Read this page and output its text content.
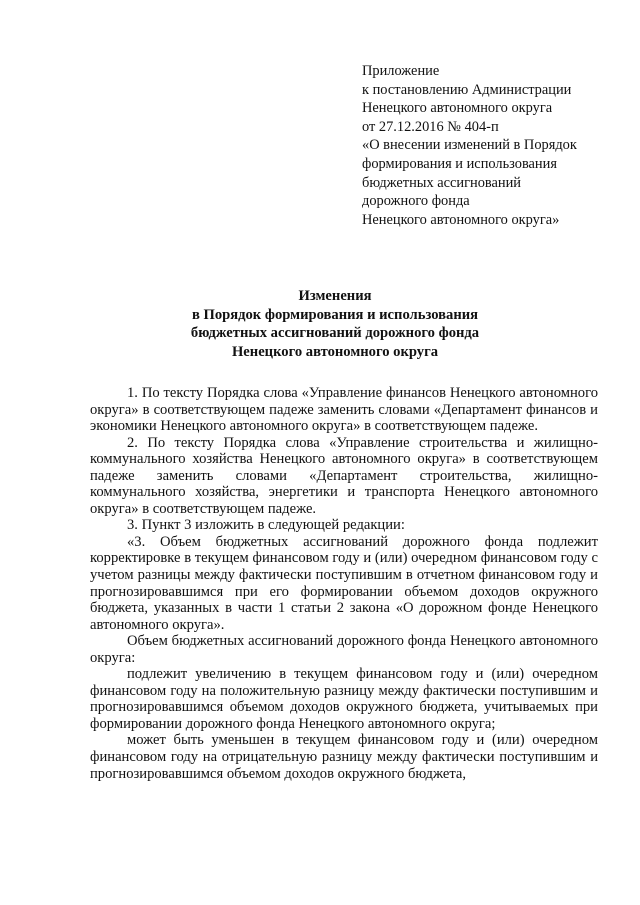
Приложение
к постановлению Администрации
Ненецкого автономного округа
от 27.12.2016 № 404-п
«О внесении изменений в Порядок
формирования и использования
бюджетных ассигнований
дорожного фонда
Ненецкого автономного округа»
Изменения
в Порядок формирования и использования
бюджетных ассигнований дорожного фонда
Ненецкого автономного округа

1. По тексту Порядка слова «Управление финансов Ненецкого автономного округа» в соответствующем падеже заменить словами «Департамент финансов и экономики Ненецкого автономного округа» в соответствующем падеже.

2. По тексту Порядка слова «Управление строительства и жилищно-коммунального хозяйства Ненецкого автономного округа» в соответствующем падеже заменить словами «Департамент строительства, жилищно-коммунального хозяйства, энергетики и транспорта Ненецкого автономного округа» в соответствующем падеже.

3. Пункт 3 изложить в следующей редакции:

«3. Объем бюджетных ассигнований дорожного фонда подлежит корректировке в текущем финансовом году и (или) очередном финансовом году с учетом разницы между фактически поступившим в отчетном финансовом году и прогнозировавшимся при его формировании объемом доходов окружного бюджета, указанных в части 1 статьи 2 закона «О дорожном фонде Ненецкого автономного округа».

Объем бюджетных ассигнований дорожного фонда Ненецкого автономного округа:

подлежит увеличению в текущем финансовом году и (или) очередном финансовом году на положительную разницу между фактически поступившим и прогнозировавшимся объемом доходов окружного бюджета, учитываемых при формировании дорожного фонда Ненецкого автономного округа;

может быть уменьшен в текущем финансовом году и (или) очередном финансовом году на отрицательную разницу между фактически поступившим и прогнозировавшимся объемом доходов окружного бюджета,
